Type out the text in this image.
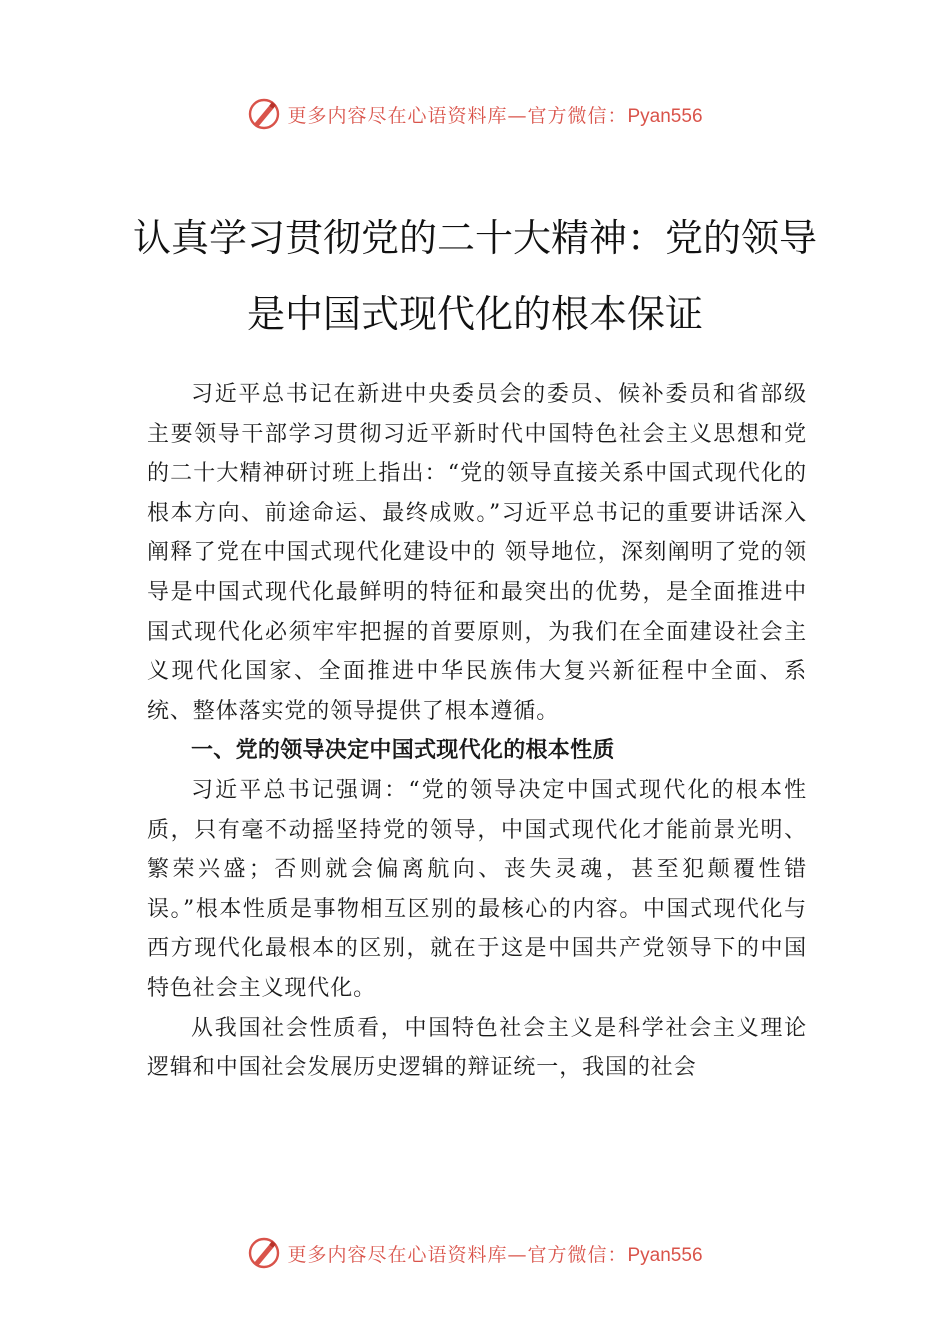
更多内容尽在心语资料库—官方微信：Pyan556
认真学习贯彻党的二十大精神：党的领导
是中国式现代化的根本保证

习近平总书记在新进中央委员会的委员、候补委员和省部级主要领导干部学习贯彻习近平新时代中国特色社会主义思想和党的二十大精神研讨班上指出：“党的领导直接关系中国式现代化的根本方向、前途命运、最终成败。”习近平总书记的重要讲话深入阐释了党在中国式现代化建设中的 领导地位，深刻阐明了党的领导是中国式现代化最鲜明的特征和最突出的优势，是全面推进中国式现代化必须牢牢把握的首要原则，为我们在全面建设社会主义现代化国家、全面推进中华民族伟大复兴新征程中全面、系统、整体落实党的领导提供了根本遵循。

一、党的领导决定中国式现代化的根本性质

习近平总书记强调：“党的领导决定中国式现代化的根本性质，只有毫不动摇坚持党的领导，中国式现代化才能前景光明、繁荣兴盛；否则就会偏离航向、丧失灵魂，甚至犯颠覆性错误。”根本性质是事物相互区别的最核心的内容。中国式现代化与西方现代化最根本的区别，就在于这是中国共产党领导下的中国特色社会主义现代化。

从我国社会性质看，中国特色社会主义是科学社会主义理论逻辑和中国社会发展历史逻辑的辩证统一，我国的社会

更多内容尽在心语资料库—官方微信：Pyan556
